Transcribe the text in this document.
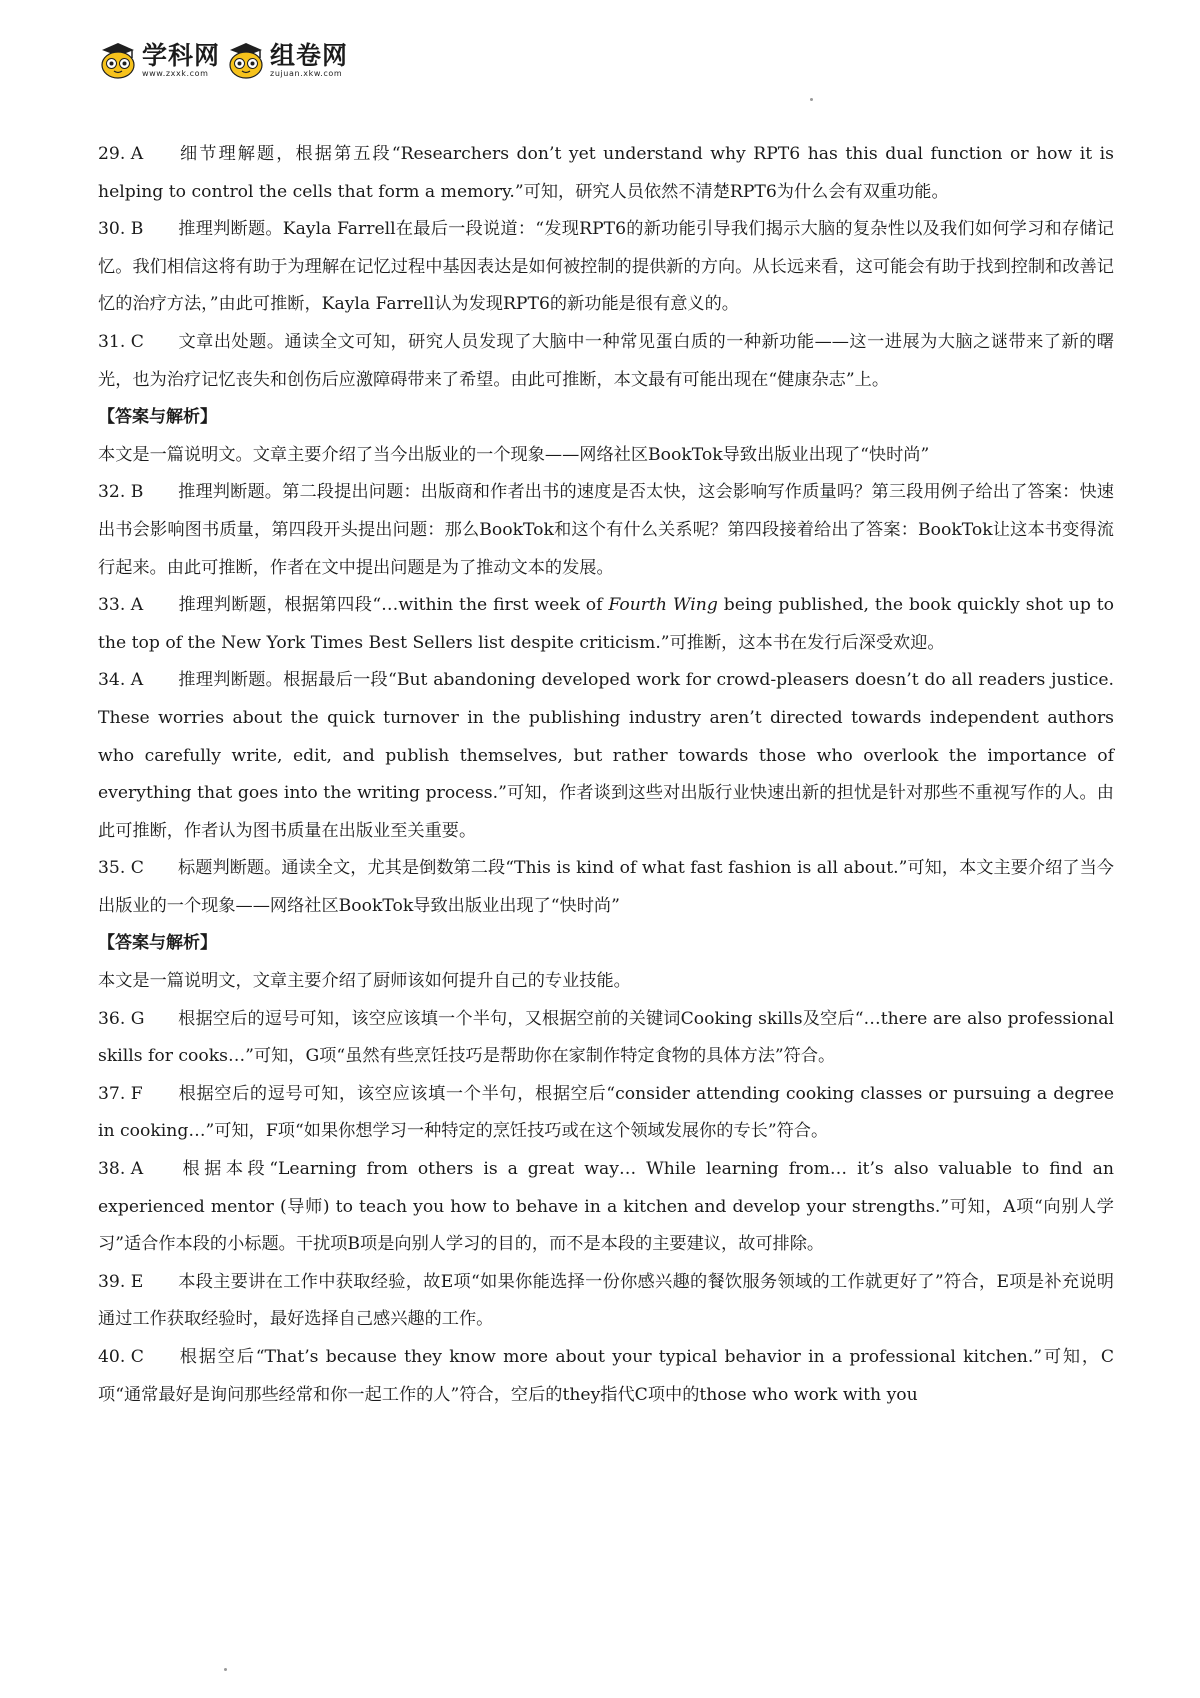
学科网
www.zxxk.com
组卷网
zujuan.xkw.com

29. A 细节理解题，根据第五段“Researchers don’t yet understand why RPT6 has this dual function or how it is helping to control the cells that form a memory.”可知，研究人员依然不清楚RPT6为什么会有双重功能。

30. B 推理判断题。Kayla Farrell在最后一段说道：“发现RPT6的新功能引导我们揭示大脑的复杂性以及我们如何学习和存储记忆。我们相信这将有助于为理解在记忆过程中基因表达是如何被控制的提供新的方向。从长远来看，这可能会有助于找到控制和改善记忆的治疗方法，”由此可推断，Kayla Farrell认为发现RPT6的新功能是很有意义的。

31. C 文章出处题。通读全文可知，研究人员发现了大脑中一种常见蛋白质的一种新功能——这一进展为大脑之谜带来了新的曙光，也为治疗记忆丧失和创伤后应激障碍带来了希望。由此可推断，本文最有可能出现在“健康杂志”上。

【答案与解析】

本文是一篇说明文。文章主要介绍了当今出版业的一个现象——网络社区BookTok导致出版业出现了“快时尚”

32. B 推理判断题。第二段提出问题：出版商和作者出书的速度是否太快，这会影响写作质量吗？第三段用例子给出了答案：快速出书会影响图书质量，第四段开头提出问题：那么BookTok和这个有什么关系呢？第四段接着给出了答案：BookTok让这本书变得流行起来。由此可推断，作者在文中提出问题是为了推动文本的发展。

33. A 推理判断题，根据第四段“…within the first week of Fourth Wing being published, the book quickly shot up to the top of the New York Times Best Sellers list despite criticism.”可推断，这本书在发行后深受欢迎。

34. A 推理判断题。根据最后一段“But abandoning developed work for crowd-pleasers doesn’t do all readers justice. These worries about the quick turnover in the publishing industry aren’t directed towards independent authors who carefully write, edit, and publish themselves, but rather towards those who overlook the importance of everything that goes into the writing process.”可知，作者谈到这些对出版行业快速出新的担忧是针对那些不重视写作的人。由此可推断，作者认为图书质量在出版业至关重要。

35. C 标题判断题。通读全文，尤其是倒数第二段“This is kind of what fast fashion is all about.”可知，本文主要介绍了当今出版业的一个现象——网络社区BookTok导致出版业出现了“快时尚”

【答案与解析】

本文是一篇说明文，文章主要介绍了厨师该如何提升自己的专业技能。

36. G 根据空后的逗号可知，该空应该填一个半句，又根据空前的关键词Cooking skills及空后“…there are also professional skills for cooks…”可知，G项“虽然有些烹饪技巧是帮助你在家制作特定食物的具体方法”符合。

37. F 根据空后的逗号可知，该空应该填一个半句，根据空后“consider attending cooking classes or pursuing a degree in cooking…”可知，F项“如果你想学习一种特定的烹饪技巧或在这个领域发展你的专长”符合。

38. A 根据本段“Learning from others is a great way… While learning from… it’s also valuable to find an experienced mentor (导师) to teach you how to behave in a kitchen and develop your strengths.”可知，A项“向别人学习”适合作本段的小标题。干扰项B项是向别人学习的目的，而不是本段的主要建议，故可排除。

39. E 本段主要讲在工作中获取经验，故E项“如果你能选择一份你感兴趣的餐饮服务领域的工作就更好了”符合，E项是补充说明通过工作获取经验时，最好选择自己感兴趣的工作。

40. C 根据空后“That’s because they know more about your typical behavior in a professional kitchen.”可知，C项“通常最好是询问那些经常和你一起工作的人”符合，空后的they指代C项中的those who work with you
